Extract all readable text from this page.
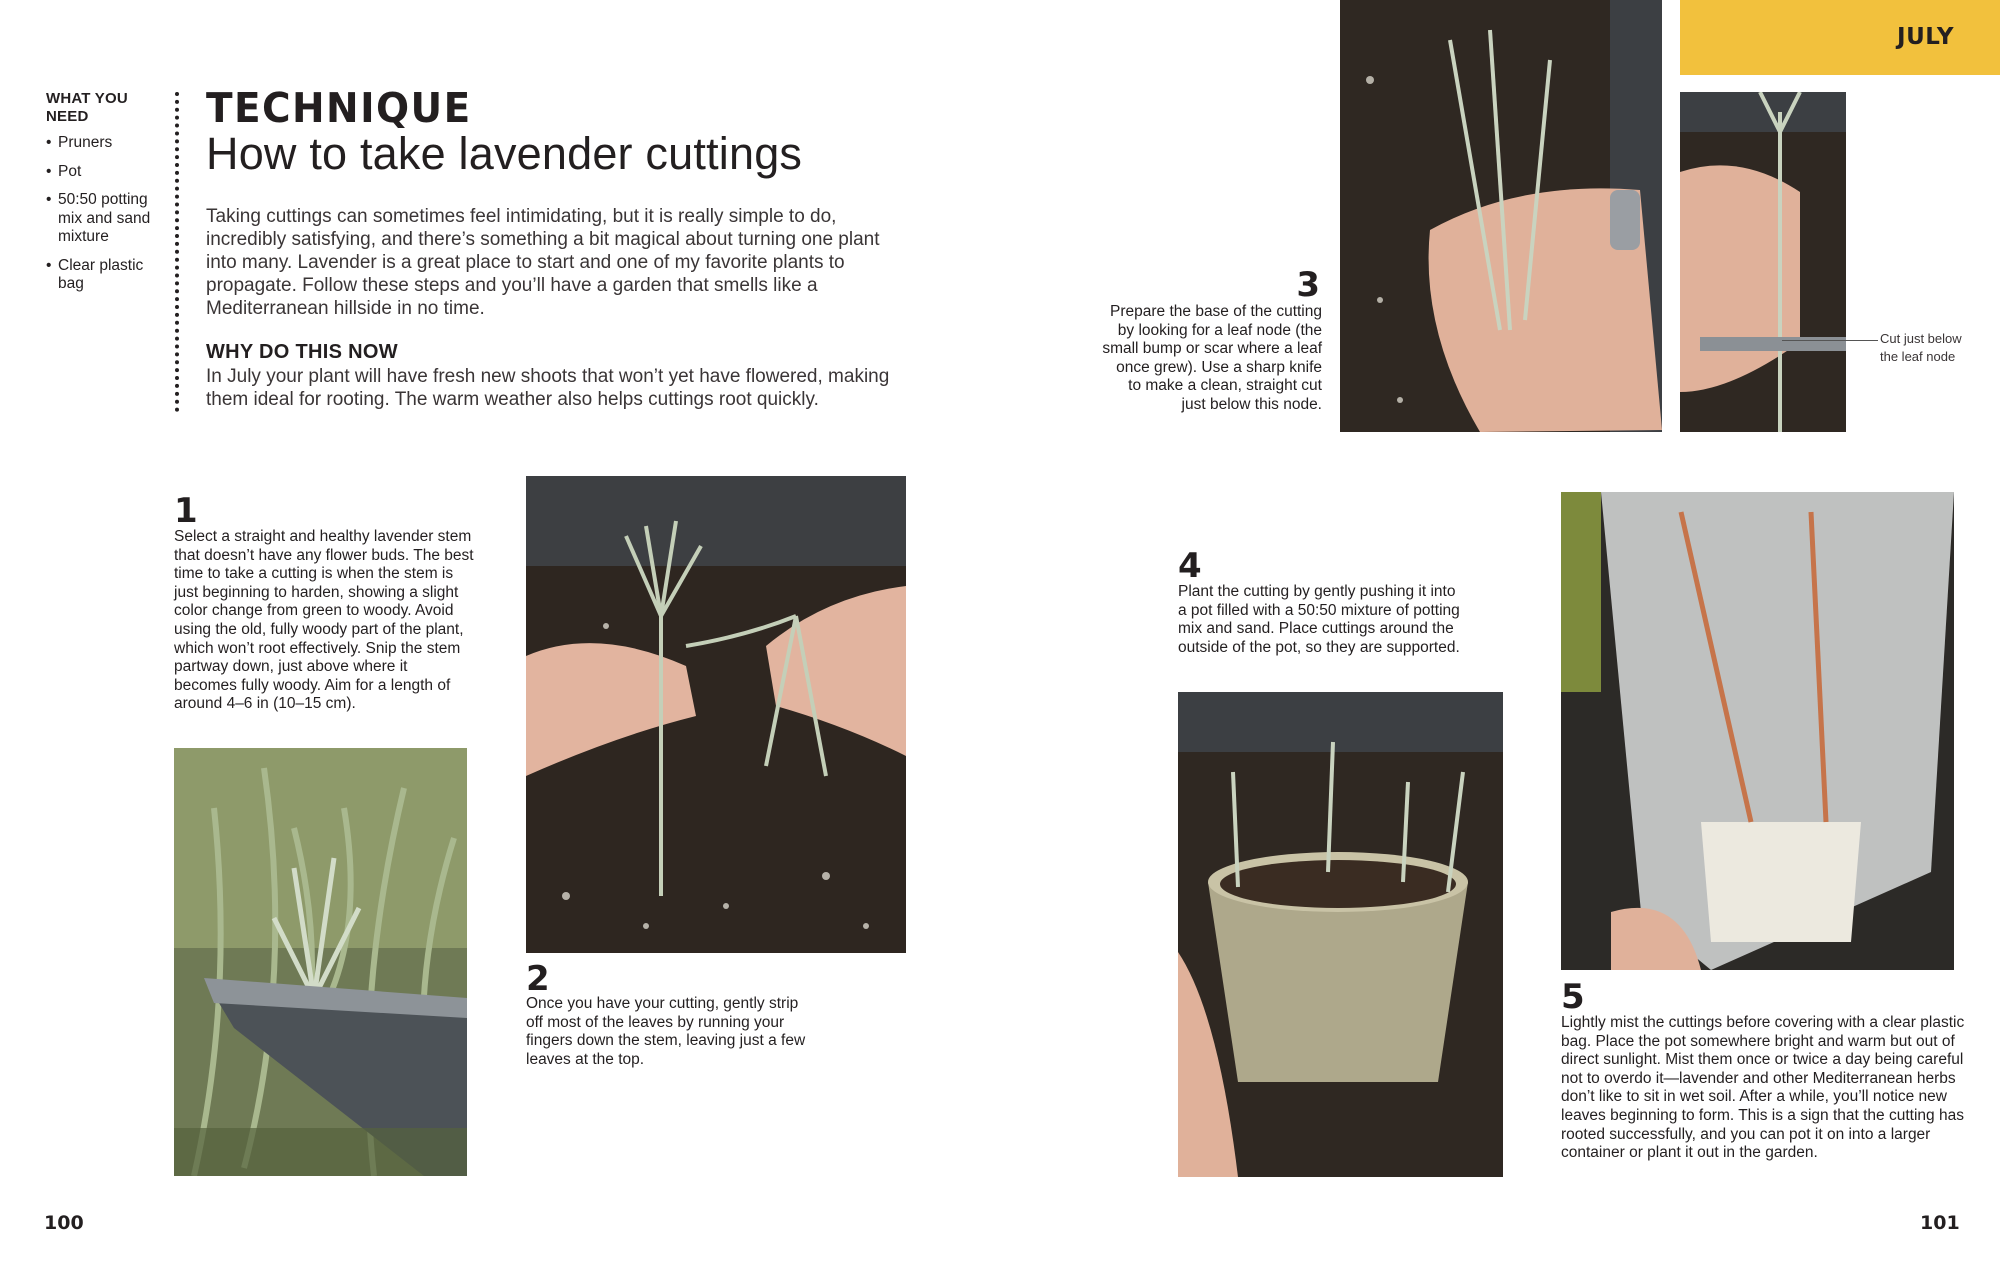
WHAT YOU NEED
• Pruners
• Pot
• 50:50 potting mix and sand mixture
• Clear plastic bag
TECHNIQUE
How to take lavender cuttings
Taking cuttings can sometimes feel intimidating, but it is really simple to do, incredibly satisfying, and there’s something a bit magical about turning one plant into many. Lavender is a great place to start and one of my favorite plants to propagate. Follow these steps and you’ll have a garden that smells like a Mediterranean hillside in no time.
WHY DO THIS NOW
In July your plant will have fresh new shoots that won’t yet have flowered, making them ideal for rooting. The warm weather also helps cuttings root quickly.
1
Select a straight and healthy lavender stem that doesn’t have any flower buds. The best time to take a cutting is when the stem is just beginning to harden, showing a slight color change from green to woody. Avoid using the old, fully woody part of the plant, which won’t root effectively. Snip the stem partway down, just above where it becomes fully woody. Aim for a length of around 4–6 in (10–15 cm).
2
Once you have your cutting, gently strip off most of the leaves by running your fingers down the stem, leaving just a few leaves at the top.
3
Prepare the base of the cutting by looking for a leaf node (the small bump or scar where a leaf once grew). Use a sharp knife to make a clean, straight cut just below this node.
Cut just below the leaf node
JULY
4
Plant the cutting by gently pushing it into a pot filled with a 50:50 mixture of potting mix and sand. Place cuttings around the outside of the pot, so they are supported.
5
Lightly mist the cuttings before covering with a clear plastic bag. Place the pot somewhere bright and warm but out of direct sunlight. Mist them once or twice a day being careful not to overdo it—lavender and other Mediterranean herbs don’t like to sit in wet soil. After a while, you’ll notice new leaves beginning to form. This is a sign that the cutting has rooted successfully, and you can pot it on into a larger container or plant it out in the garden.
100	101
